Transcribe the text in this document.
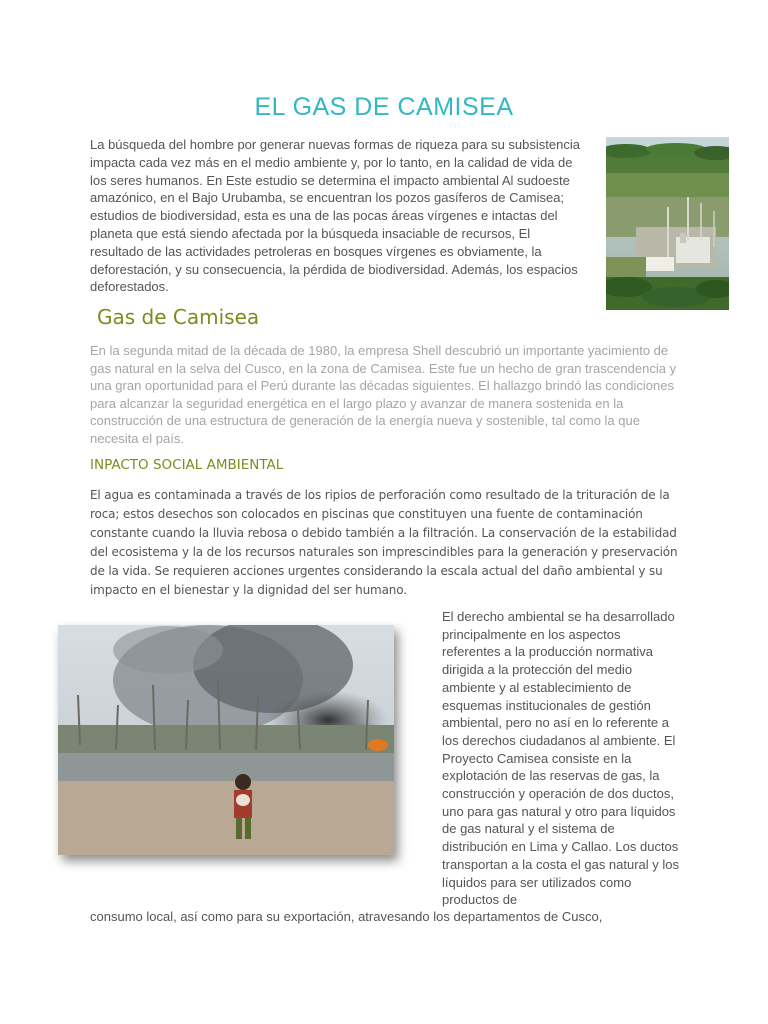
EL GAS DE CAMISEA
La búsqueda del hombre por generar nuevas formas de riqueza para su subsistencia impacta cada vez más en el medio ambiente y, por lo tanto, en la calidad de vida de los seres humanos. En Este estudio se determina el impacto ambiental Al sudoeste amazónico, en el Bajo Urubamba, se encuentran los pozos gasíferos de Camisea; estudios de biodiversidad, esta es una de las pocas áreas vírgenes e intactas del planeta que está siendo afectada por la búsqueda insaciable de recursos, El resultado de las actividades petroleras en bosques vírgenes es obviamente, la deforestación, y su consecuencia, la pérdida de biodiversidad. Además, los espacios deforestados.
Gas de Camisea
En la segunda mitad de la década de 1980, la empresa Shell descubrió un importante yacimiento de gas natural en la selva del Cusco, en la zona de Camisea. Este fue un hecho de gran trascendencia y una gran oportunidad para el Perú durante las décadas siguientes. El hallazgo brindó las condiciones para alcanzar la seguridad energética en el largo plazo y avanzar de manera sostenida en la construcción de una estructura de generación de la energía nueva y sostenible, tal como la que necesita el país.
INPACTO SOCIAL AMBIENTAL
El agua es contaminada a través de los ripios de perforación como resultado de la trituración de la roca; estos desechos son colocados en piscinas que constituyen una fuente de contaminación constante cuando la lluvia rebosa o debido también a la filtración. La conservación de la estabilidad del ecosistema y la de los recursos naturales son imprescindibles para la generación y preservación de la vida. Se requieren acciones urgentes considerando la escala actual del daño ambiental y su impacto en el bienestar y la dignidad del ser humano.
El derecho ambiental se ha desarrollado principalmente en los aspectos referentes a la producción normativa dirigida a la protección del medio ambiente y al establecimiento de esquemas institucionales de gestión ambiental, pero no así en lo referente a los derechos ciudadanos al ambiente. El Proyecto Camisea consiste en la explotación de las reservas de gas, la construcción y operación de dos ductos, uno para gas natural y otro para líquidos de gas natural y el sistema de distribución en Lima y Callao. Los ductos transportan a la costa el gas natural y los líquidos para ser utilizados como productos de
consumo local, así como para su exportación, atravesando los departamentos de Cusco,
